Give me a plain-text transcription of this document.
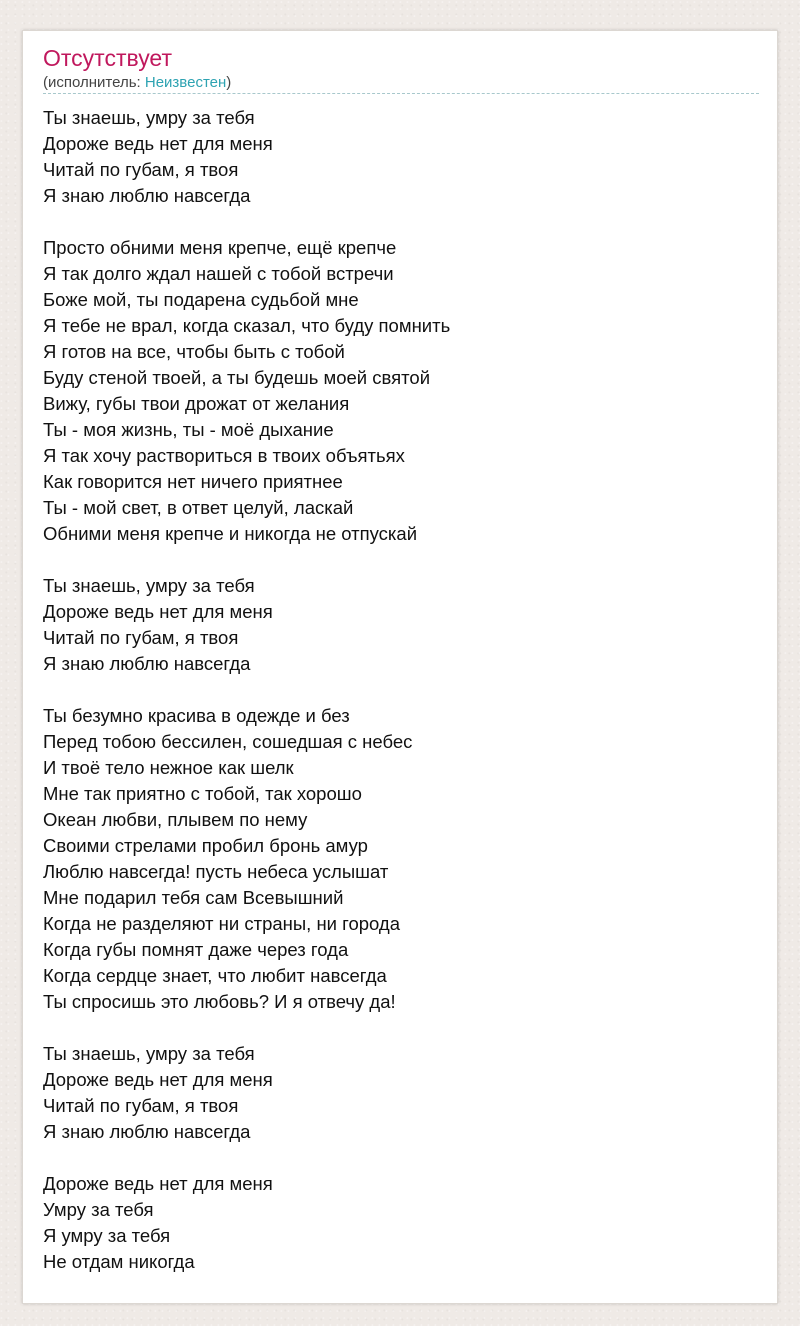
Отсутствует
(исполнитель: Неизвестен)
Ты знаешь, умру за тебя
Дороже ведь нет для меня
Читай по губам, я твоя
Я знаю люблю навсегда
Просто обними меня крепче, ещё крепче
Я так долго ждал нашей с тобой встречи
Боже мой, ты подарена судьбой мне
Я тебе не врал, когда сказал, что буду помнить
Я готов на все, чтобы быть с тобой
Буду стеной твоей, а ты будешь моей святой
Вижу, губы твои дрожат от желания
Ты - моя жизнь, ты - моё дыхание
Я так хочу раствориться в твоих объятьях
Как говорится нет ничего приятнее
Ты - мой свет, в ответ целуй, ласкай
Обними меня крепче и никогда не отпускай
Ты знаешь, умру за тебя
Дороже ведь нет для меня
Читай по губам, я твоя
Я знаю люблю навсегда
Ты безумно красива в одежде и без
Перед тобою бессилен, сошедшая с небес
И твоё тело нежное как шелк
Мне так приятно с тобой, так хорошо
Океан любви, плывем по нему
Своими стрелами пробил бронь амур
Люблю навсегда! пусть небеса услышат
Мне подарил тебя сам Всевышний
Когда не разделяют ни страны, ни города
Когда губы помнят даже через года
Когда сердце знает, что любит навсегда
Ты спросишь это любовь? И я отвечу да!
Ты знаешь, умру за тебя
Дороже ведь нет для меня
Читай по губам, я твоя
Я знаю люблю навсегда
Дороже ведь нет для меня
Умру за тебя
Я умру за тебя
Не отдам никогда
